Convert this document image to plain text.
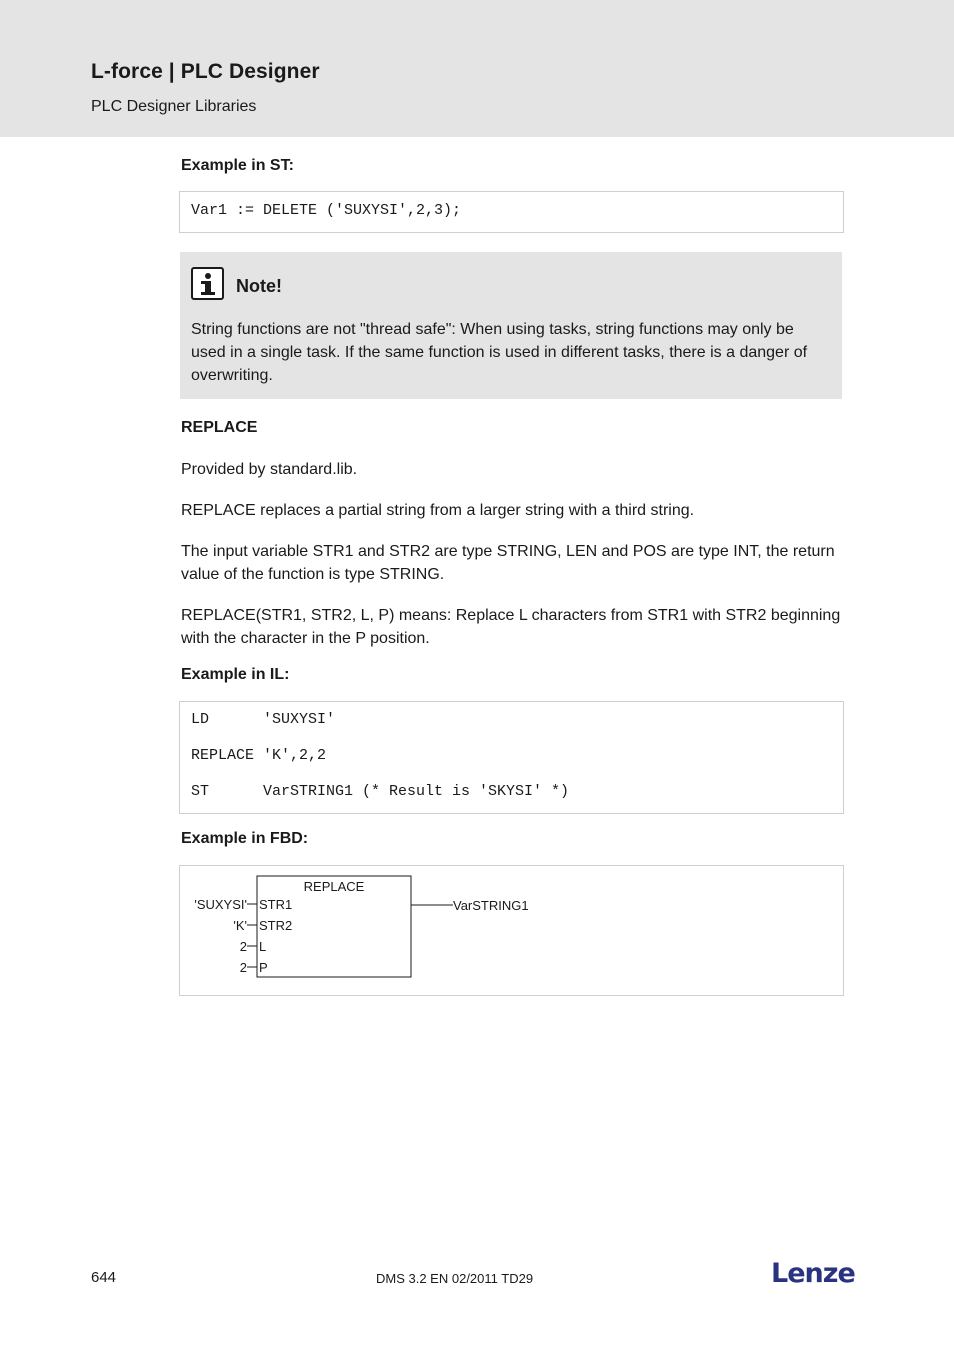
L-force | PLC Designer
PLC Designer Libraries
Example in ST:
Var1 := DELETE ('SUXYSI',2,3);
Note!
String functions are not "thread safe": When using tasks, string functions may only be used in a single task. If the same function is used in different tasks, there is a danger of overwriting.
REPLACE
Provided by standard.lib.
REPLACE replaces a partial string from a larger string with a third string.
The input variable STR1 and STR2 are type STRING, LEN and POS are type INT, the return value of the function is type STRING.
REPLACE(STR1, STR2, L, P) means: Replace L characters from STR1 with STR2 beginning with the character in the P position.
Example in IL:
LD      'SUXYSI'
REPLACE 'K',2,2
ST      VarSTRING1 (* Result is 'SKYSI' *)
Example in FBD:
REPLACE
'SUXYSI' STR1
'K' STR2
2 L
2 P
VarSTRING1
644	DMS 3.2 EN 02/2011 TD29	Lenze
